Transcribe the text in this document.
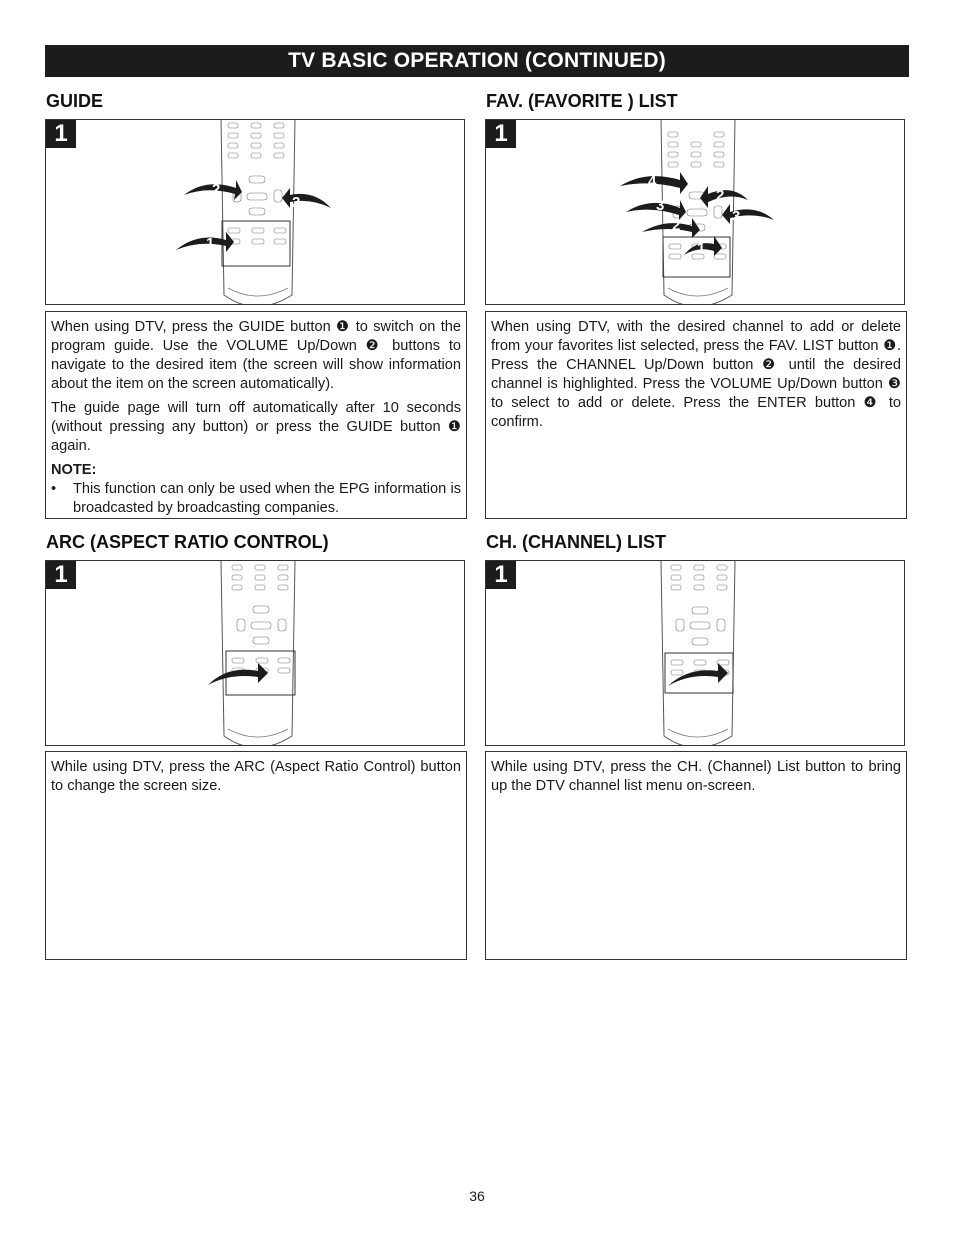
TV BASIC OPERATION (CONTINUED)
GUIDE
2
2
1
1

When using DTV, press the GUIDE button ❶ to switch on the program guide. Use the VOLUME Up/Down ❷ buttons to navigate to the desired item (the screen will show information about the item on the screen automatically).

The guide page will turn off automatically after 10 seconds (without pressing any button) or press the GUIDE button ❶ again.

NOTE:
•	This function can only be used when the EPG information is broadcasted by broadcasting companies.
FAV. (FAVORITE ) LIST
4
3
2
2
3
1
1

When using DTV, with the desired channel to add or delete from your favorites list selected, press the FAV. LIST button ❶. Press the CHANNEL Up/Down button ❷ until the desired channel is highlighted. Press the VOLUME Up/Down button ❸ to select to add or delete. Press the ENTER button ❹ to confirm.

ARC (ASPECT RATIO CONTROL)
1

While using DTV, press the ARC (Aspect Ratio Control) button to change the screen size.

CH. (CHANNEL) LIST
1

While using DTV, press the CH. (Channel) List button to bring up the DTV channel list menu on-screen.

36
